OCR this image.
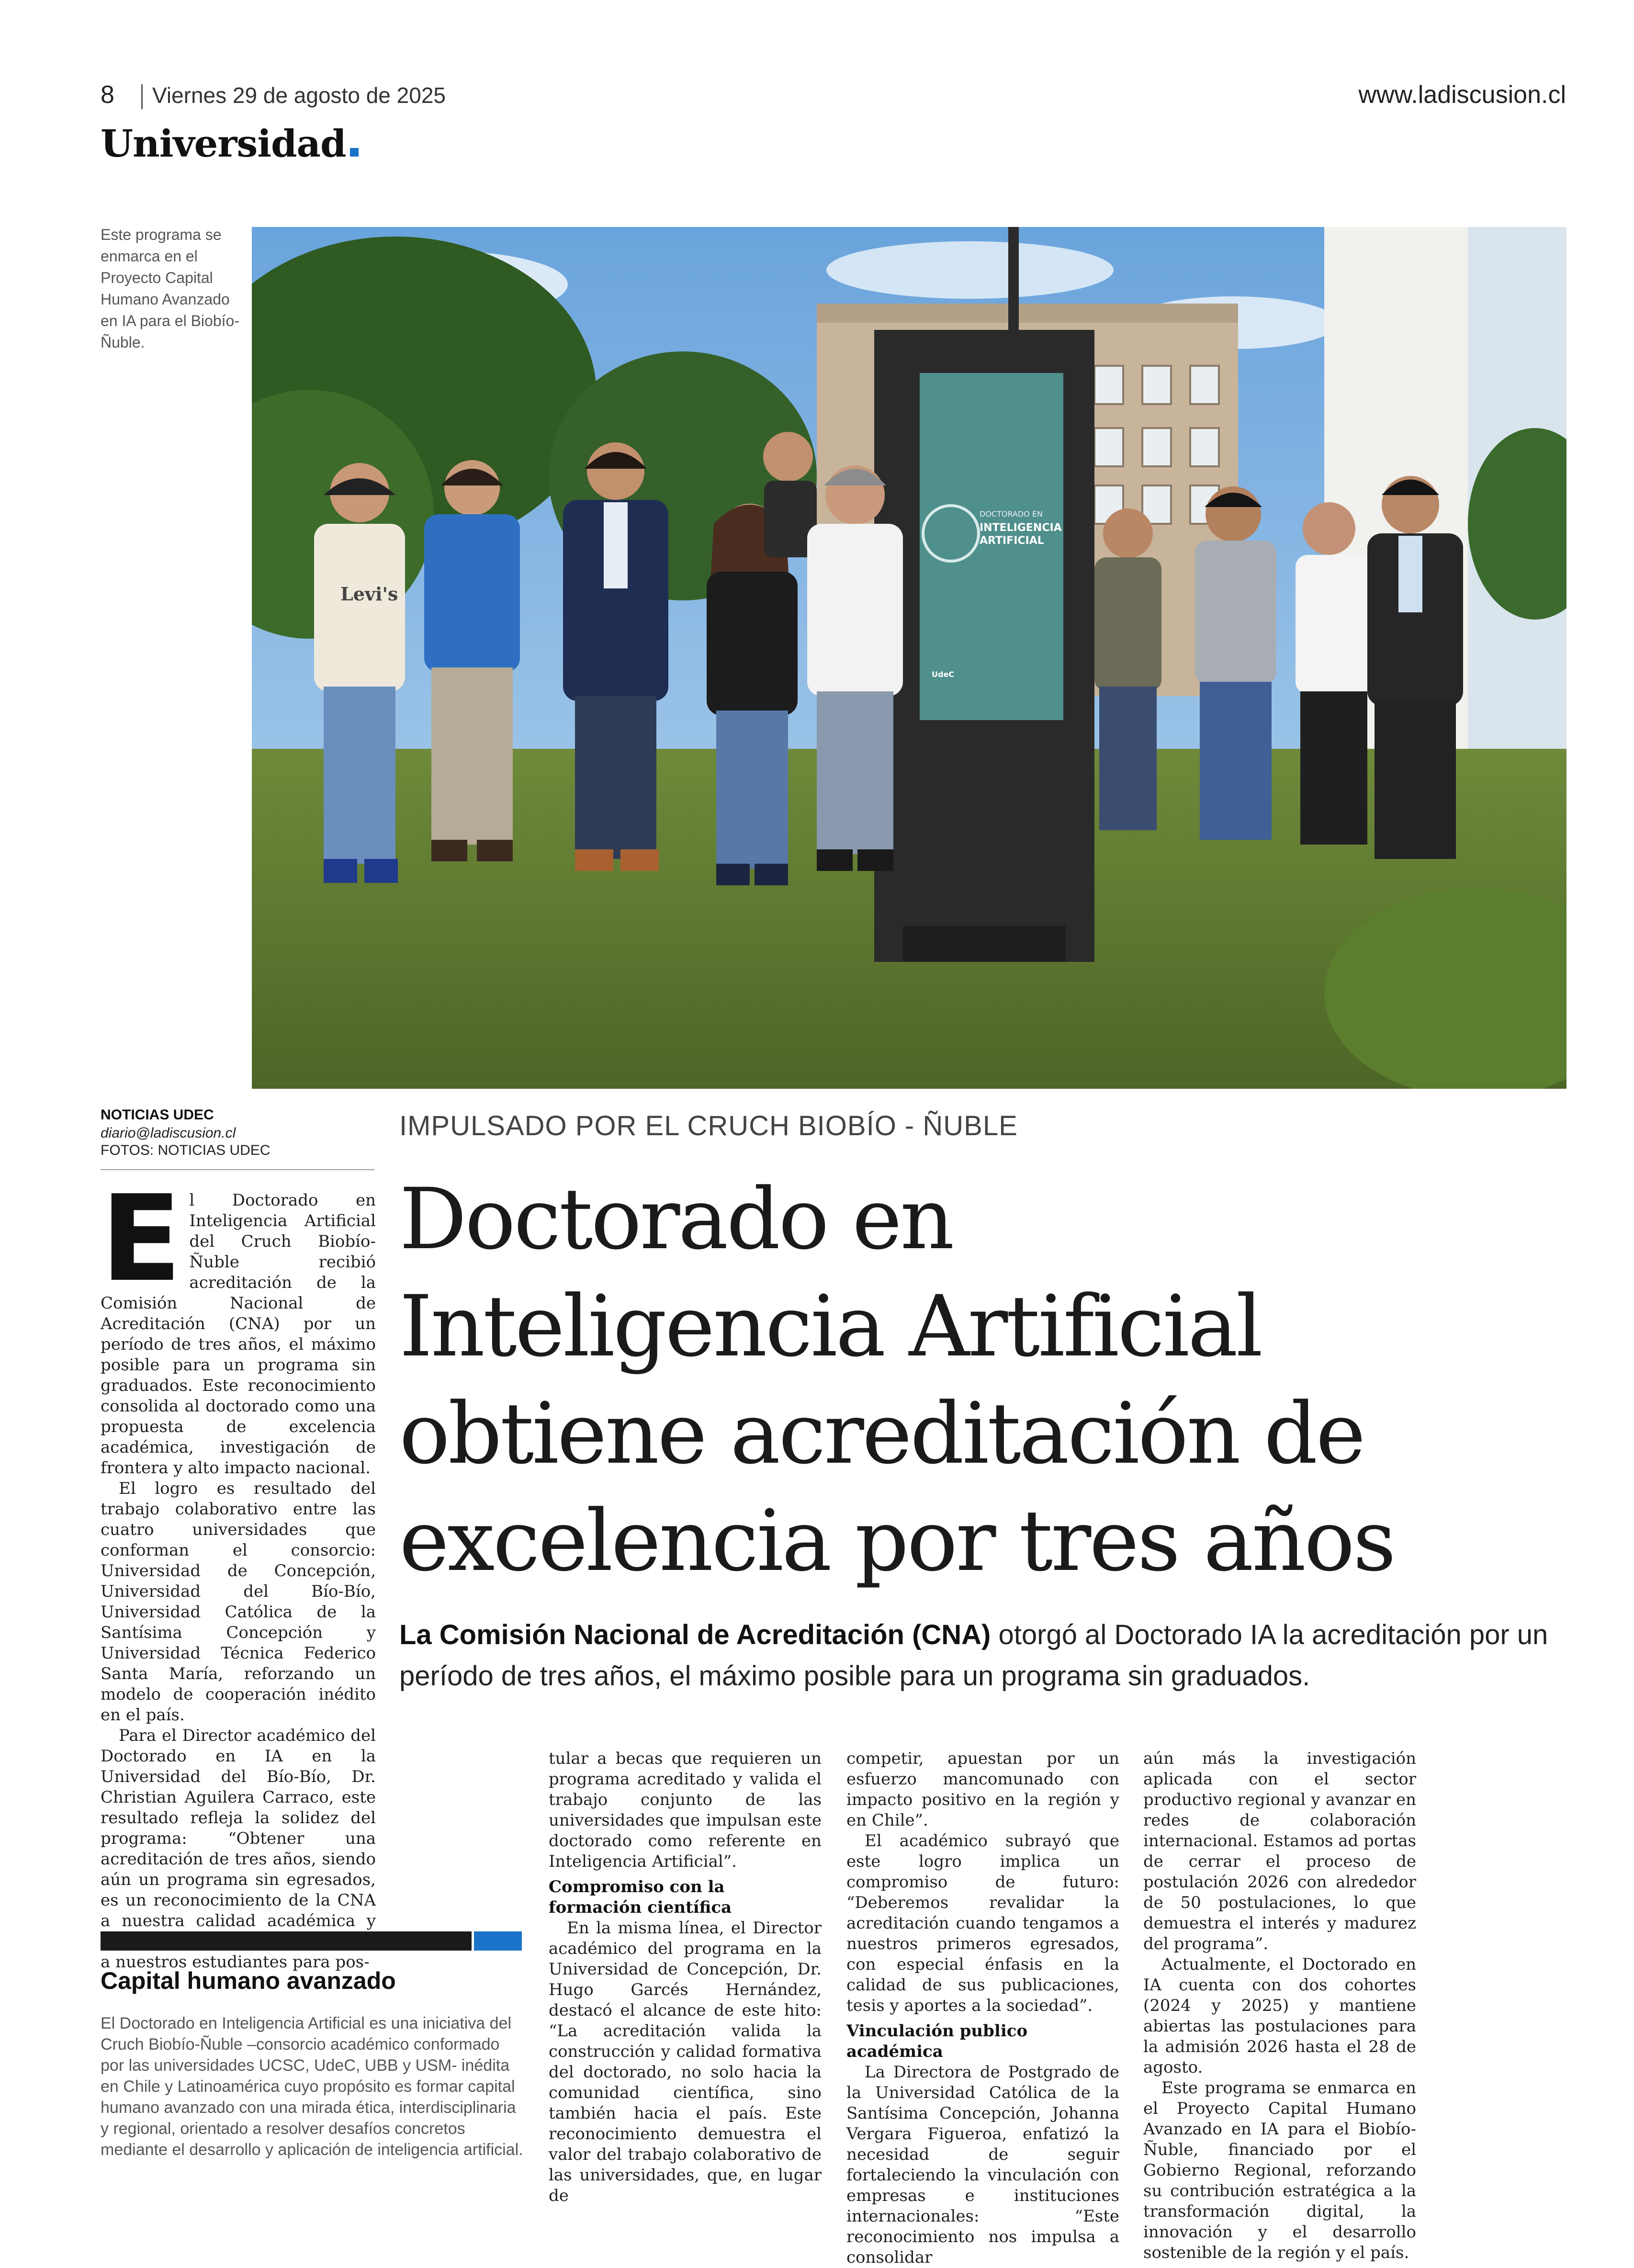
8 Viernes 29 de agosto de 2025	www.ladiscusion.cl
Universidad
Este programa se enmarca en el Proyecto Capital Humano Avanzado en IA para el Biobío-Ñuble.
DOCTORADO EN
INTELIGENCIA
ARTIFICIAL
UdeC
Levi's
NOTICIAS UDEC
diario@ladiscusion.cl
FOTOS: NOTICIAS UDEC
IMPULSADO POR EL CRUCH BIOBÍO - ÑUBLE
Doctorado en
Inteligencia Artificial
obtiene acreditación de
excelencia por tres años
La Comisión Nacional de Acreditación (CNA) otorgó al Doctorado IA la acreditación por un período de tres años, el máximo posible para un programa sin graduados.
E l Doctorado en Inteligencia Artificial del Cruch Biobío-Ñuble recibió acreditación de la Comisión Nacional de Acreditación (CNA) por un período de tres años, el máximo posible para un programa sin graduados. Este reconocimiento consolida al doctorado como una propuesta de excelencia académica, investigación de frontera y alto impacto nacional.

El logro es resultado del trabajo colaborativo entre las cuatro universidades que conforman el consorcio: Universidad de Concepción, Universidad del Bío-Bío, Universidad Católica de la Santísima Concepción y Universidad Técnica Federico Santa María, reforzando un modelo de cooperación inédito en el país.

Para el Director académico del Doctorado en IA en la Universidad del Bío-Bío, Dr. Christian Aguilera Carraco, este resultado refleja la solidez del programa: “Obtener una acreditación de tres años, siendo aún un programa sin egresados, es un reconocimiento de la CNA a nuestra calidad académica y a nuestros estudiantes para pos-

tular a becas que requieren un programa acreditado y valida el trabajo conjunto de las universidades que impulsan este doctorado como referente en Inteligencia Artificial”.

Compromiso con la formación científica

En la misma línea, el Director académico del programa en la Universidad de Concepción, Dr. Hugo Garcés Hernández, destacó el alcance de este hito: “La acreditación valida la construcción y calidad formativa del doctorado, no solo hacia la comunidad científica, sino también hacia el país. Este reconocimiento demuestra el valor del trabajo colaborativo de las universidades, que, en lugar de

competir, apuestan por un esfuerzo mancomunado con impacto positivo en la región y en Chile”.

El académico subrayó que este logro implica un compromiso de futuro: “Deberemos revalidar la acreditación cuando tengamos a nuestros primeros egresados, con especial énfasis en la calidad de sus publicaciones, tesis y aportes a la sociedad”.

Vinculación publico académica

La Directora de Postgrado de la Universidad Católica de la Santísima Concepción, Johanna Vergara Figueroa, enfatizó la necesidad de seguir fortaleciendo la vinculación con empresas e instituciones internacionales: “Este reconocimiento nos impulsa a consolidar

aún más la investigación aplicada con el sector productivo regional y avanzar en redes de colaboración internacional. Estamos ad portas de cerrar el proceso de postulación 2026 con alrededor de 50 postulaciones, lo que demuestra el interés y madurez del programa”.

Actualmente, el Doctorado en IA cuenta con dos cohortes (2024 y 2025) y mantiene abiertas las postulaciones para la admisión 2026 hasta el 28 de agosto.

Este programa se enmarca en el Proyecto Capital Humano Avanzado en IA para el Biobío-Ñuble, financiado por el Gobierno Regional, reforzando su contribución estratégica a la transformación digital, la innovación y el desarrollo sostenible de la región y el país.

Capital humano avanzado
El Doctorado en Inteligencia Artificial es una iniciativa del Cruch Biobío-Ñuble –consorcio académico conformado por las universidades UCSC, UdeC, UBB y USM- inédita en Chile y Latinoamérica cuyo propósito es formar capital humano avanzado con una mirada ética, interdisciplinaria y regional, orientado a resolver desafíos concretos mediante el desarrollo y aplicación de inteligencia artificial.
